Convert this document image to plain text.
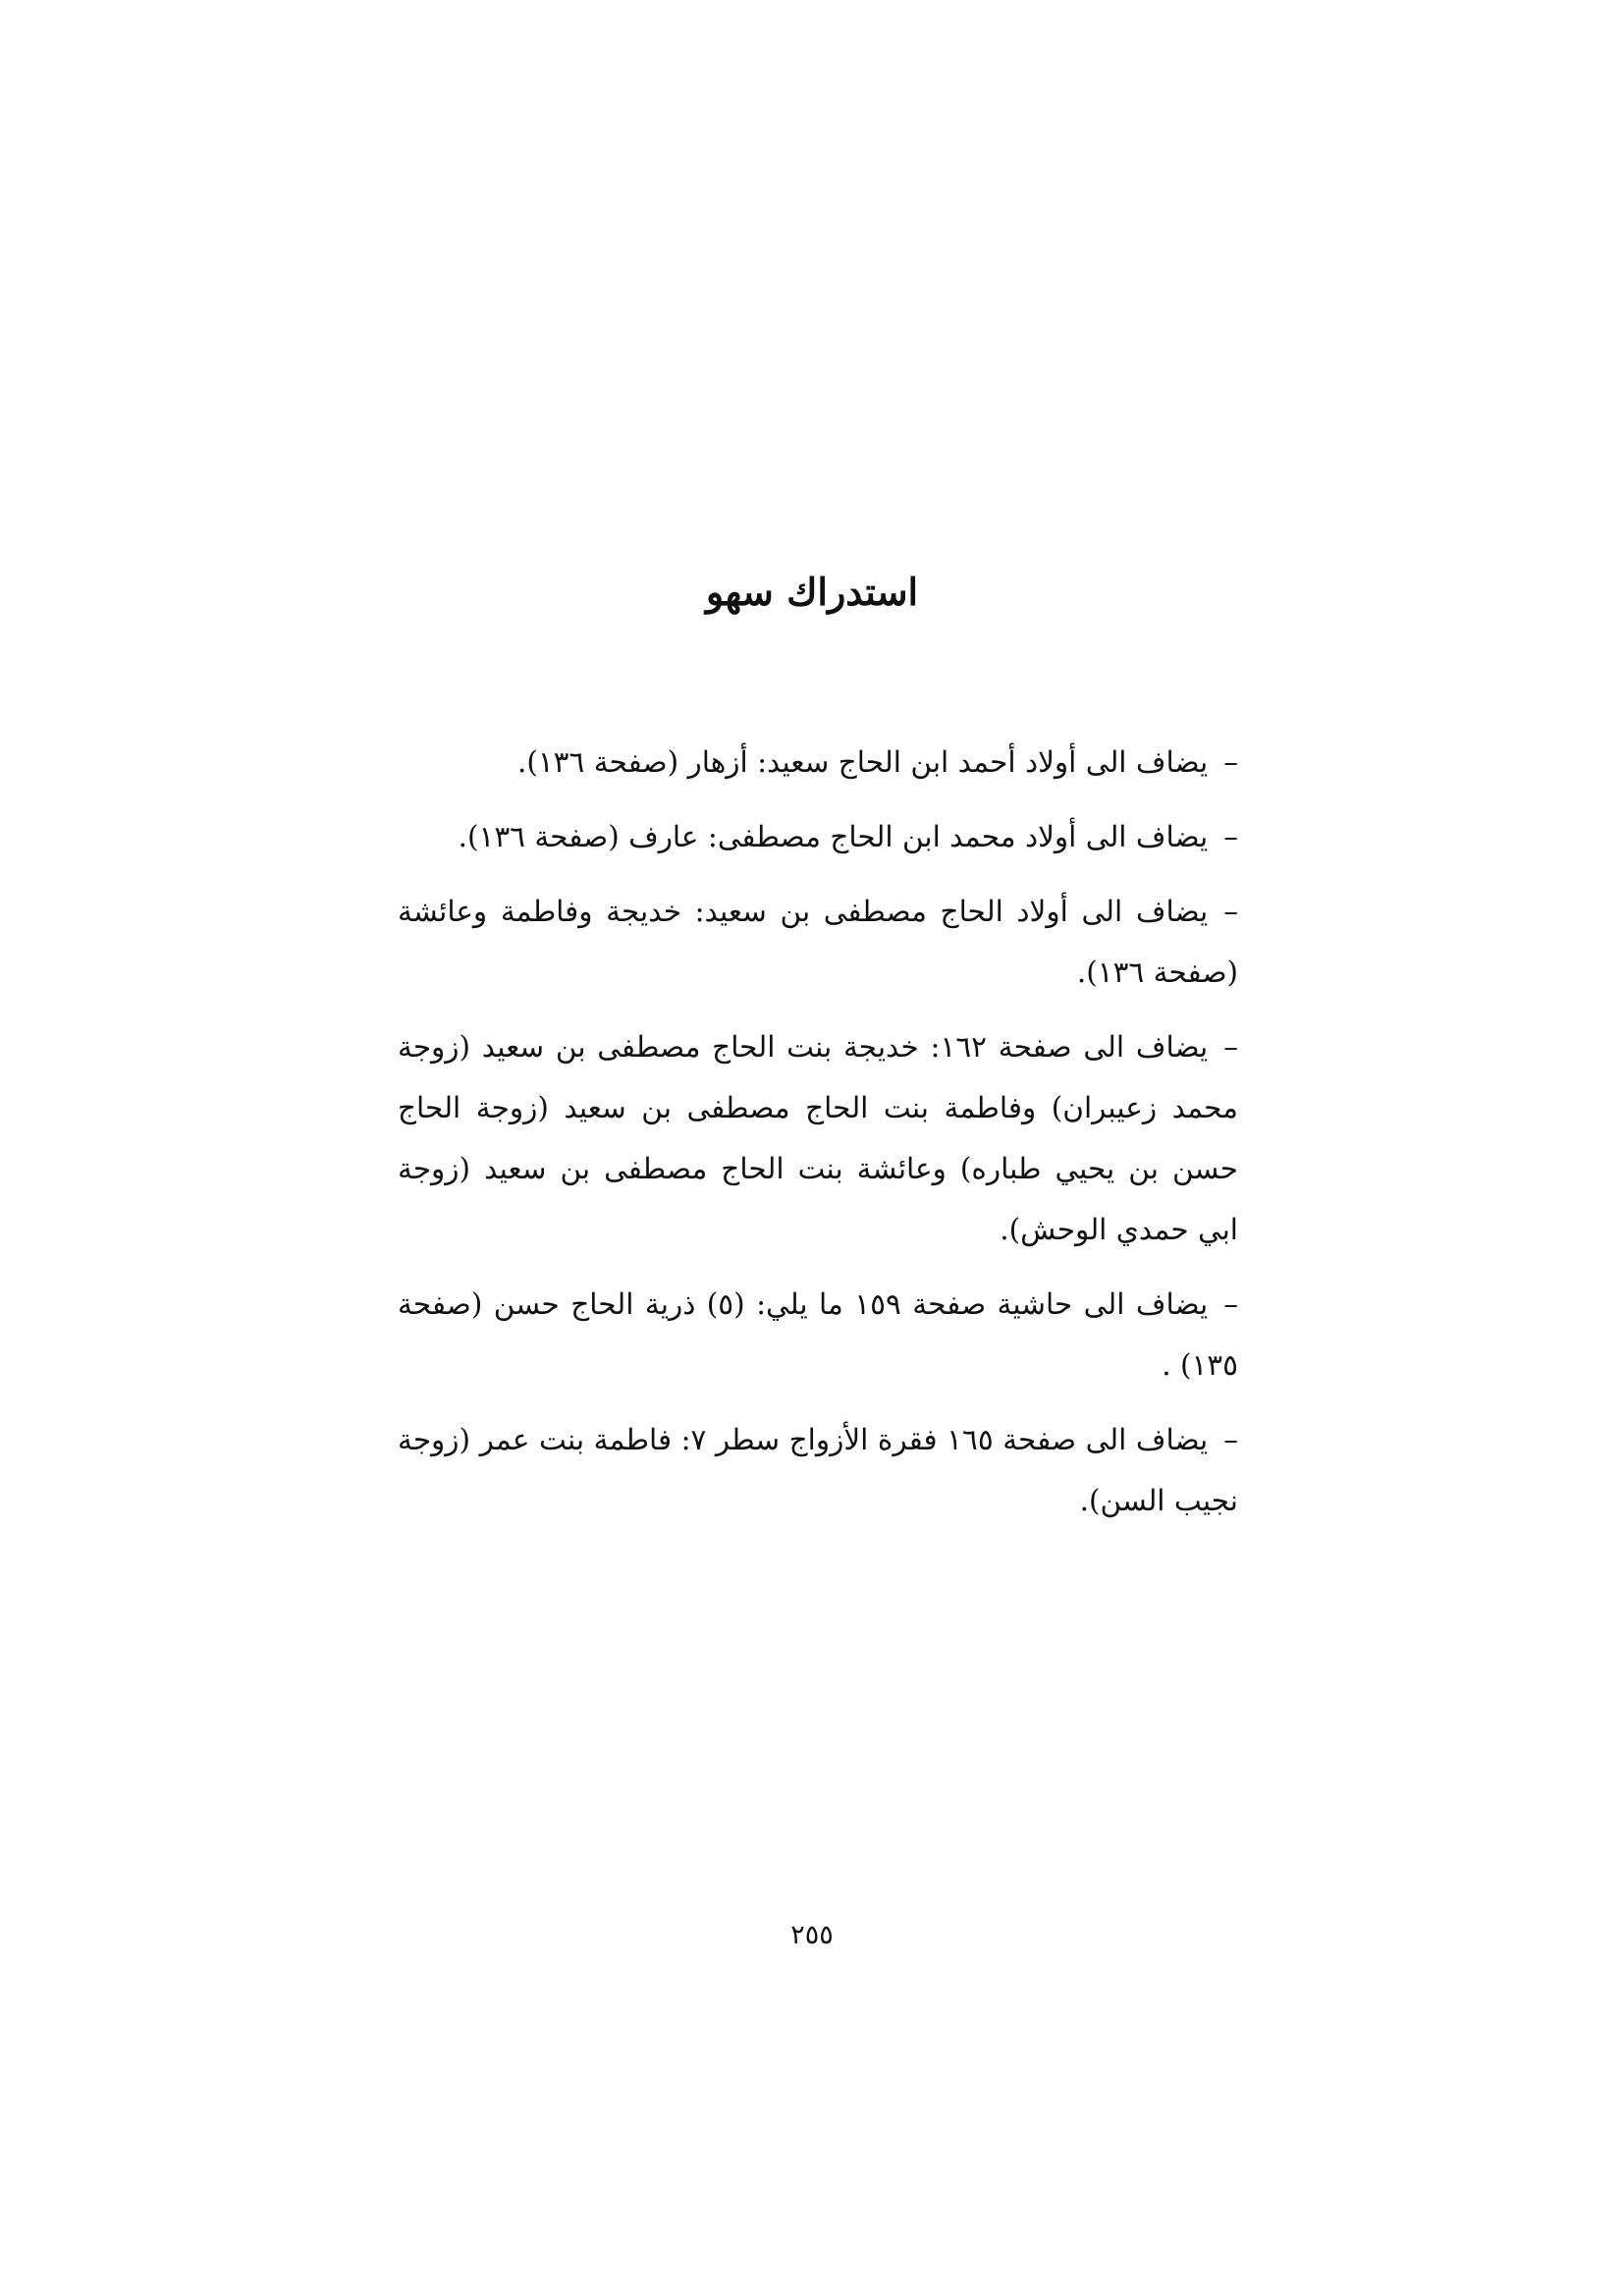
استدراك سهو

–يضاف الى أولاد أحمد ابن الحاج سعيد: أزهار (صفحة ١٣٦).

–يضاف الى أولاد محمد ابن الحاج مصطفى: عارف (صفحة ١٣٦).

–يضاف الى أولاد الحاج مصطفى بن سعيد: خديجة وفاطمة وعائشة (صفحة ١٣٦).

–يضاف الى صفحة ١٦٢: خديجة بنت الحاج مصطفى بن سعيد (زوجة محمد زعيبران) وفاطمة بنت الحاج مصطفى بن سعيد (زوجة الحاج حسن بن يحيي طباره) وعائشة بنت الحاج مصطفى بن سعيد (زوجة ابي حمدي الوحش).

–يضاف الى حاشية صفحة ١٥٩ ما يلي: (٥) ذرية الحاج حسن (صفحة ١٣٥) .

–يضاف الى صفحة ١٦٥ فقرة الأزواج سطر ٧: فاطمة بنت عمر (زوجة نجيب السن).

٢٥٥
